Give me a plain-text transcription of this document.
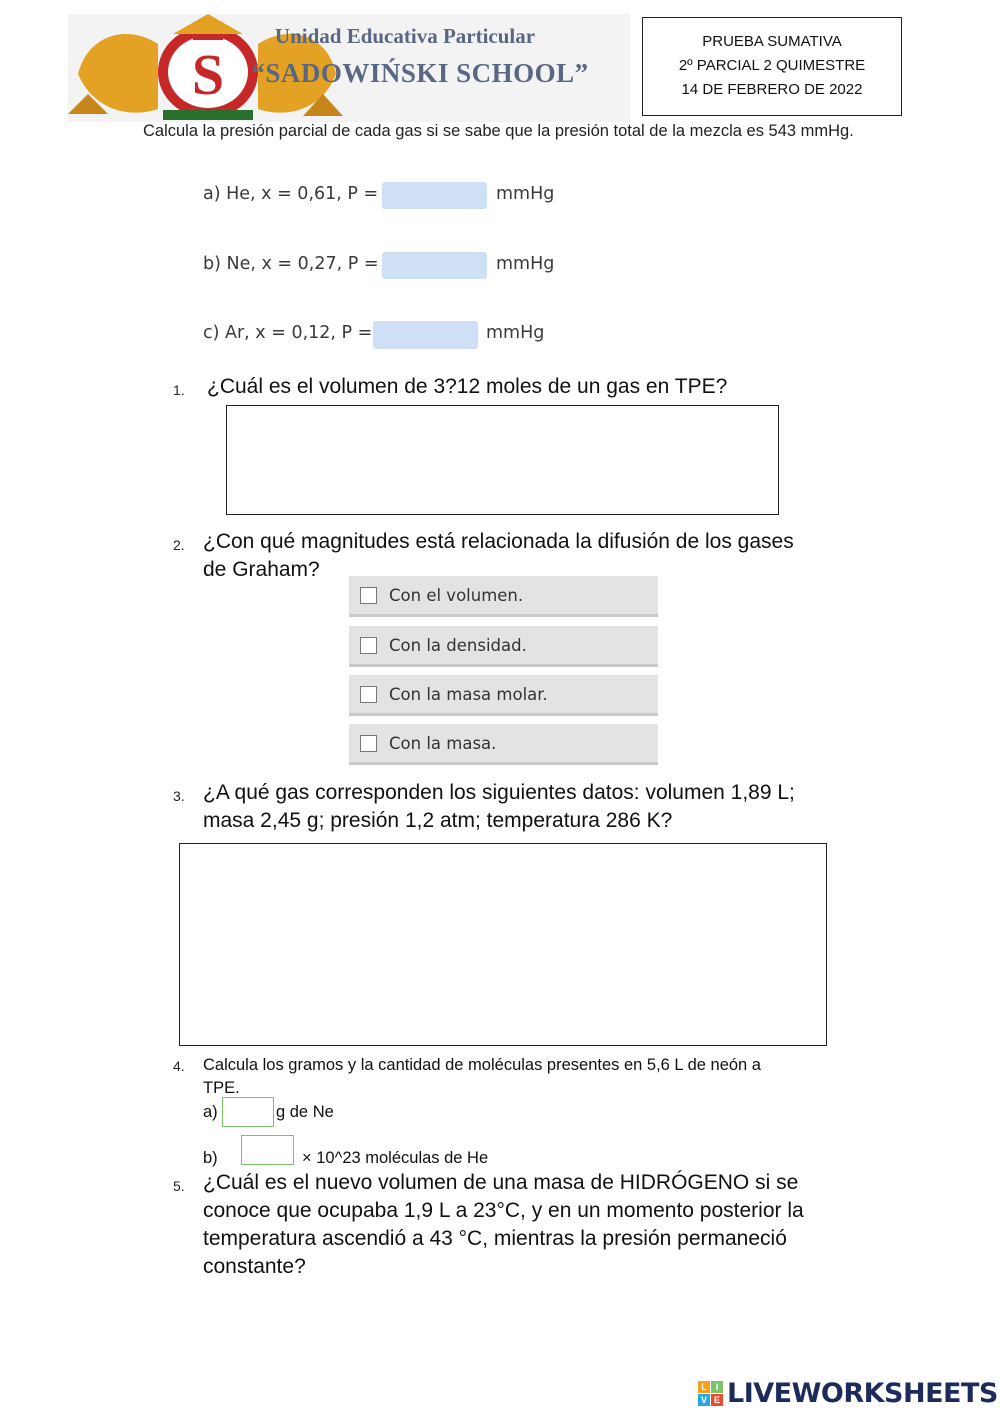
S
Unidad Educativa Particular
“SADOWIŃSKI SCHOOL”
PRUEBA SUMATIVA
2º PARCIAL 2 QUIMESTRE
14 DE FEBRERO DE 2022
Calcula la presión parcial de cada gas si se sabe que la presión total de la mezcla es 543 mmHg.
a) He, x = 0,61, P =	mmHg
b) Ne, x = 0,27, P =	mmHg
c) Ar, x = 0,12, P =	mmHg
1. ¿Cuál es el volumen de 3?12 moles de un gas en TPE?
2. ¿Con qué magnitudes está relacionada la difusión de los gases
de Graham?
Con el volumen.
Con la densidad.
Con la masa molar.
Con la masa.
3. ¿A qué gas corresponden los siguientes datos: volumen 1,89 L;
masa 2,45 g; presión 1,2 atm; temperatura 286 K?
4. Calcula los gramos y la cantidad de moléculas presentes en 5,6 L de neón a
TPE.
a)	g de Ne
b)	× 10^23 moléculas de He
5. ¿Cuál es el nuevo volumen de una masa de HIDRÓGENO si se
conoce que ocupaba 1,9 L a 23°C, y en un momento posterior la
temperatura ascendió a 43 °C, mientras la presión permaneció
constante?
L I
V E LIVEWORKSHEETS
